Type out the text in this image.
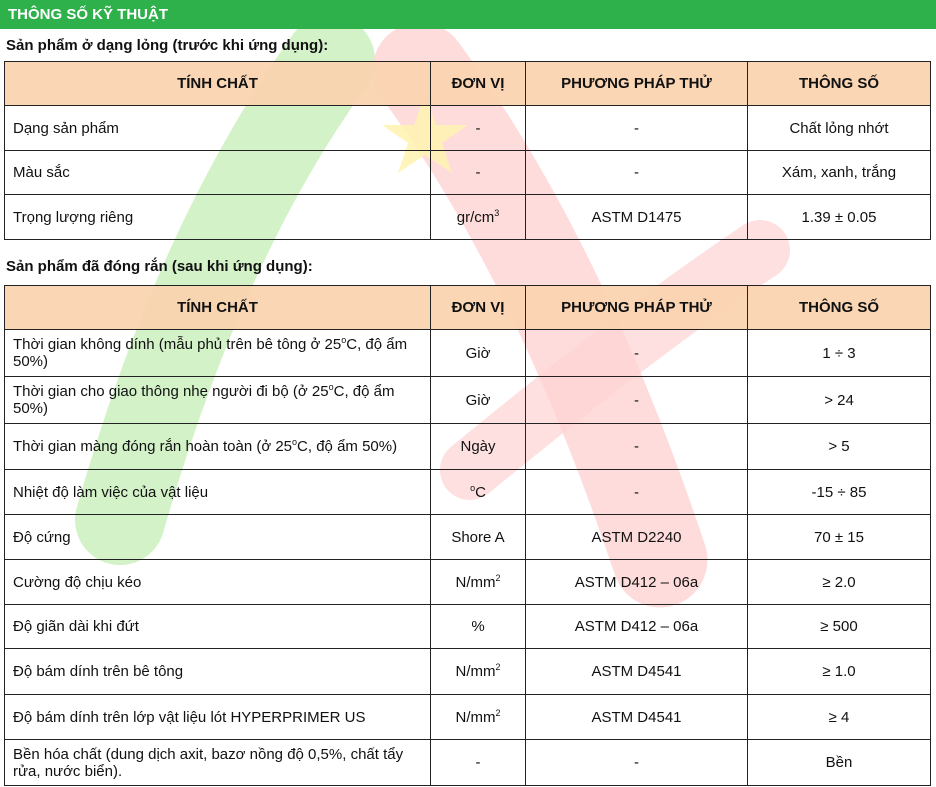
THÔNG SỐ KỸ THUẬT
Sản phẩm ở dạng lỏng (trước khi ứng dụng):
TÍNH CHẤT	ĐƠN VỊ	PHƯƠNG PHÁP THỬ	THÔNG SỐ
Dạng sản phẩm	-	-	Chất lỏng nhớt
Màu sắc	-	-	Xám, xanh, trắng
Trọng lượng riêng	$gr/cm^3$	ASTM D1475	1.39 ± 0.05
Sản phẩm đã đóng rắn (sau khi ứng dụng):
TÍNH CHẤT	ĐƠN VỊ	PHƯƠNG PHÁP THỬ	THÔNG SỐ
Thời gian không dính (mẫu phủ trên bê tông ở 25$^o$C, độ ẩm 50%)	Giờ	-	1 ÷ 3
Thời gian cho giao thông nhẹ người đi bộ (ở 25$^o$C, độ ẩm 50%)	Giờ	-	> 24
Thời gian màng đóng rắn hoàn toàn (ở 25$^o$C, độ ẩm 50%)	Ngày	-	> 5
Nhiệt độ làm việc của vật liệu	$^o$C	-	-15 ÷ 85
Độ cứng	Shore A	ASTM D2240	70 ± 15
Cường độ chịu kéo	$N/mm^2$	ASTM D412 – 06a	≥ 2.0
Độ giãn dài khi đứt	%	ASTM D412 – 06a	≥ 500
Độ bám dính trên bê tông	$N/mm^2$	ASTM D4541	≥ 1.0
Độ bám dính trên lớp vật liệu lót HYPERPRIMER US	$N/mm^2$	ASTM D4541	≥ 4
Bền hóa chất (dung dịch axit, bazơ nồng độ 0,5%, chất tẩy rửa, nước biển).	-	-	Bền
